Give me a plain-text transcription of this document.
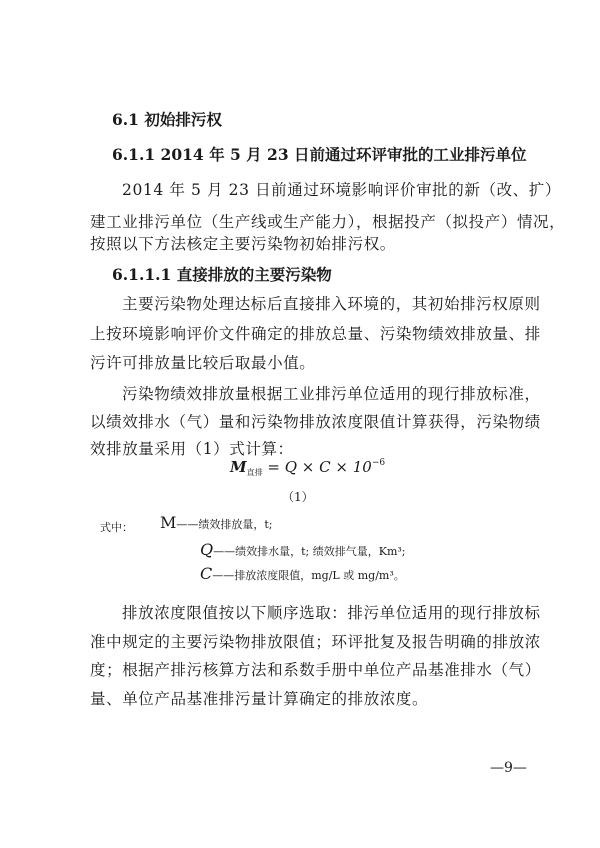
6.1 初始排污权
6.1.1 2014 年 5 月 23 日前通过环评审批的工业排污单位
2014 年 5 月 23 日前通过环境影响评价审批的新（改、扩）
建工业排污单位（生产线或生产能力），根据投产（拟投产）情况，
按照以下方法核定主要污染物初始排污权。
6.1.1.1 直接排放的主要污染物
主要污染物处理达标后直接排入环境的，其初始排污权原则
上按环境影响评价文件确定的排放总量、污染物绩效排放量、排
污许可排放量比较后取最小值。
污染物绩效排放量根据工业排污单位适用的现行排放标准，
以绩效排水（气）量和污染物排放浓度限值计算获得，污染物绩
效排放量采用（1）式计算：
$M_{直排} = Q \times C \times 10^{-6}$
（1）
式中： M——绩效排放量，t;
Q——绩效排水量，t; 绩效排气量，Km³;
C——排放浓度限值，mg/L 或 mg/m³。
排放浓度限值按以下顺序选取：排污单位适用的现行排放标
准中规定的主要污染物排放限值；环评批复及报告明确的排放浓
度；根据产排污核算方法和系数手册中单位产品基准排水（气）
量、单位产品基准排污量计算确定的排放浓度。
—9—
